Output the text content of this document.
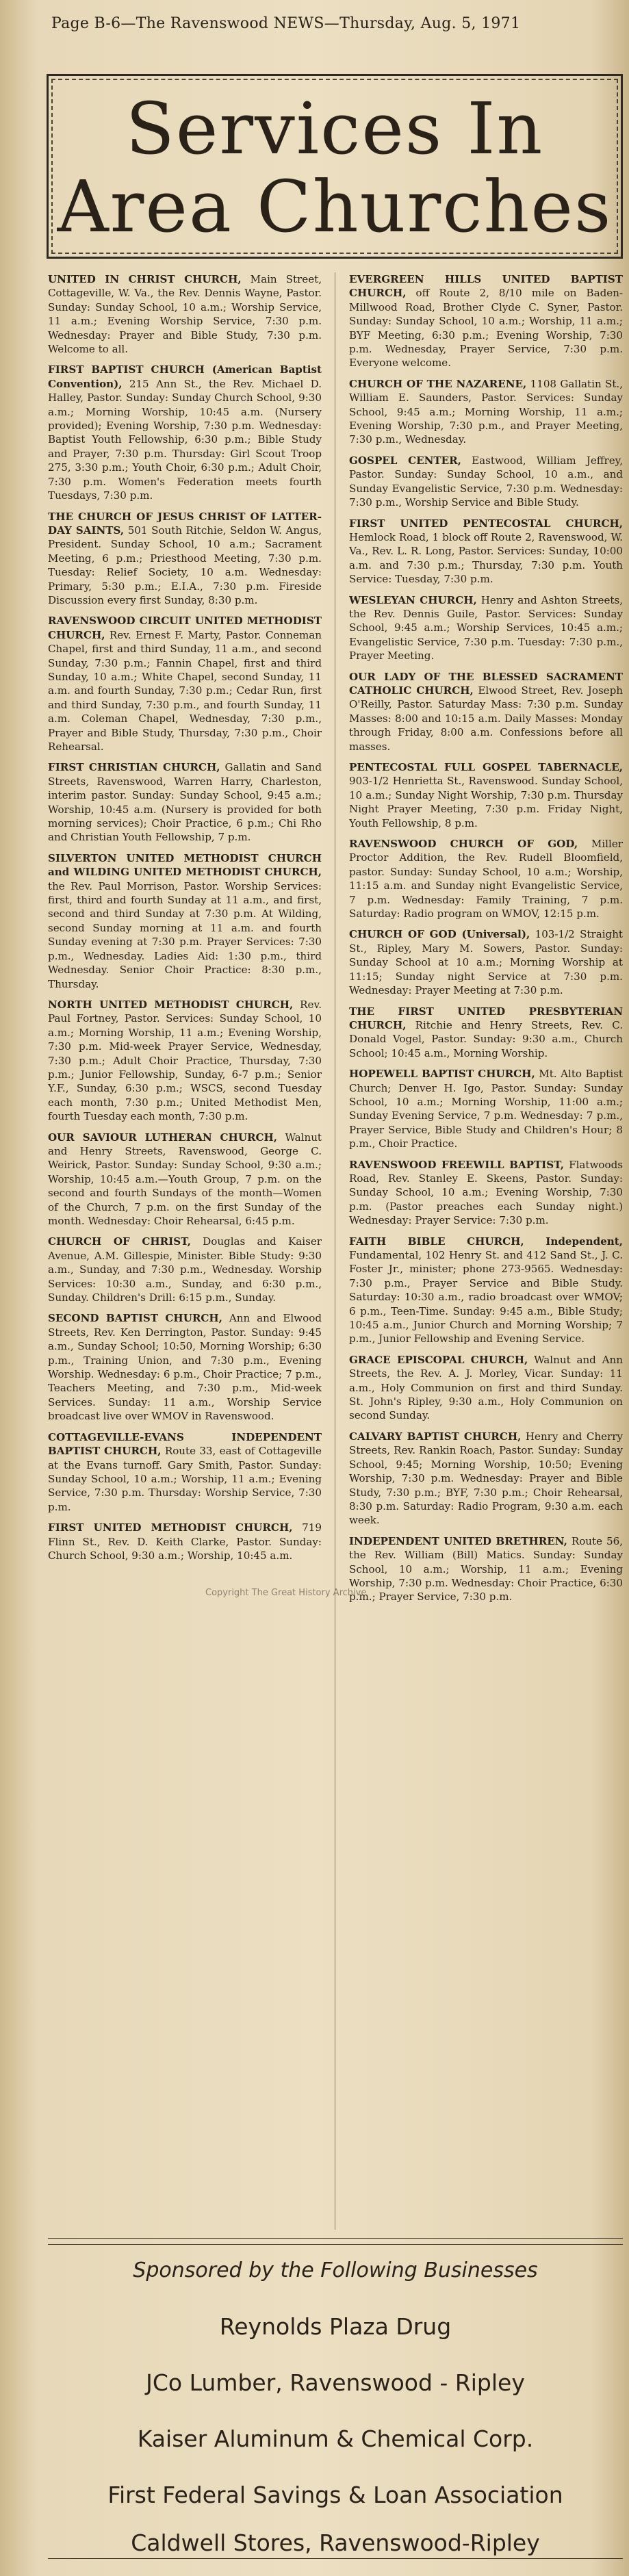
Page B-6—The Ravenswood NEWS—Thursday, Aug. 5, 1971
Services In
Area Churches

UNITED IN CHRIST CHURCH, Main Street, Cottageville, W. Va., the Rev. Dennis Wayne, Pastor. Sunday: Sunday School, 10 a.m.; Worship Service, 11 a.m.; Evening Worship Service, 7:30 p.m. Wednesday: Prayer and Bible Study, 7:30 p.m. Welcome to all.

FIRST BAPTIST CHURCH (American Baptist Convention), 215 Ann St., the Rev. Michael D. Halley, Pastor. Sunday: Sunday Church School, 9:30 a.m.; Morning Worship, 10:45 a.m. (Nursery provided); Evening Worship, 7:30 p.m. Wednesday: Baptist Youth Fellowship, 6:30 p.m.; Bible Study and Prayer, 7:30 p.m. Thursday: Girl Scout Troop 275, 3:30 p.m.; Youth Choir, 6:30 p.m.; Adult Choir, 7:30 p.m. Women's Federation meets fourth Tuesdays, 7:30 p.m.

THE CHURCH OF JESUS CHRIST OF LATTER-DAY SAINTS, 501 South Ritchie, Seldon W. Angus, President. Sunday School, 10 a.m.; Sacrament Meeting, 6 p.m.; Priesthood Meeting, 7:30 p.m. Tuesday: Relief Society, 10 a.m. Wednesday: Primary, 5:30 p.m.; E.I.A., 7:30 p.m. Fireside Discussion every first Sunday, 8:30 p.m.

RAVENSWOOD CIRCUIT UNITED METHODIST CHURCH, Rev. Ernest F. Marty, Pastor. Conneman Chapel, first and third Sunday, 11 a.m., and second Sunday, 7:30 p.m.; Fannin Chapel, first and third Sunday, 10 a.m.; White Chapel, second Sunday, 11 a.m. and fourth Sunday, 7:30 p.m.; Cedar Run, first and third Sunday, 7:30 p.m., and fourth Sunday, 11 a.m. Coleman Chapel, Wednesday, 7:30 p.m., Prayer and Bible Study, Thursday, 7:30 p.m., Choir Rehearsal.

FIRST CHRISTIAN CHURCH, Gallatin and Sand Streets, Ravenswood, Warren Harry, Charleston, interim pastor. Sunday: Sunday School, 9:45 a.m.; Worship, 10:45 a.m. (Nursery is provided for both morning services); Choir Practice, 6 p.m.; Chi Rho and Christian Youth Fellowship, 7 p.m.

SILVERTON UNITED METHODIST CHURCH and WILDING UNITED METHODIST CHURCH, the Rev. Paul Morrison, Pastor. Worship Services: first, third and fourth Sunday at 11 a.m., and first, second and third Sunday at 7:30 p.m. At Wilding, second Sunday morning at 11 a.m. and fourth Sunday evening at 7:30 p.m. Prayer Services: 7:30 p.m., Wednesday. Ladies Aid: 1:30 p.m., third Wednesday. Senior Choir Practice: 8:30 p.m., Thursday.

NORTH UNITED METHODIST CHURCH, Rev. Paul Fortney, Pastor. Services: Sunday School, 10 a.m.; Morning Worship, 11 a.m.; Evening Worship, 7:30 p.m. Mid-week Prayer Service, Wednesday, 7:30 p.m.; Adult Choir Practice, Thursday, 7:30 p.m.; Junior Fellowship, Sunday, 6-7 p.m.; Senior Y.F., Sunday, 6:30 p.m.; WSCS, second Tuesday each month, 7:30 p.m.; United Methodist Men, fourth Tuesday each month, 7:30 p.m.

OUR SAVIOUR LUTHERAN CHURCH, Walnut and Henry Streets, Ravenswood, George C. Weirick, Pastor. Sunday: Sunday School, 9:30 a.m.; Worship, 10:45 a.m.—Youth Group, 7 p.m. on the second and fourth Sundays of the month—Women of the Church, 7 p.m. on the first Sunday of the month. Wednesday: Choir Rehearsal, 6:45 p.m.

CHURCH OF CHRIST, Douglas and Kaiser Avenue, A.M. Gillespie, Minister. Bible Study: 9:30 a.m., Sunday, and 7:30 p.m., Wednesday. Worship Services: 10:30 a.m., Sunday, and 6:30 p.m., Sunday. Children's Drill: 6:15 p.m., Sunday.

SECOND BAPTIST CHURCH, Ann and Elwood Streets, Rev. Ken Derrington, Pastor. Sunday: 9:45 a.m., Sunday School; 10:50, Morning Worship; 6:30 p.m., Training Union, and 7:30 p.m., Evening Worship. Wednesday: 6 p.m., Choir Practice; 7 p.m., Teachers Meeting, and 7:30 p.m., Mid-week Services. Sunday: 11 a.m., Worship Service broadcast live over WMOV in Ravenswood.

COTTAGEVILLE-EVANS INDEPENDENT BAPTIST CHURCH, Route 33, east of Cottageville at the Evans turnoff. Gary Smith, Pastor. Sunday: Sunday School, 10 a.m.; Worship, 11 a.m.; Evening Service, 7:30 p.m. Thursday: Worship Service, 7:30 p.m.

FIRST UNITED METHODIST CHURCH, 719 Flinn St., Rev. D. Keith Clarke, Pastor. Sunday: Church School, 9:30 a.m.; Worship, 10:45 a.m.

EVERGREEN HILLS UNITED BAPTIST CHURCH, off Route 2, 8/10 mile on Baden-Millwood Road, Brother Clyde C. Syner, Pastor. Sunday: Sunday School, 10 a.m.; Worship, 11 a.m.; BYF Meeting, 6:30 p.m.; Evening Worship, 7:30 p.m. Wednesday, Prayer Service, 7:30 p.m. Everyone welcome.

CHURCH OF THE NAZARENE, 1108 Gallatin St., William E. Saunders, Pastor. Services: Sunday School, 9:45 a.m.; Morning Worship, 11 a.m.; Evening Worship, 7:30 p.m., and Prayer Meeting, 7:30 p.m., Wednesday.

GOSPEL CENTER, Eastwood, William Jeffrey, Pastor. Sunday: Sunday School, 10 a.m., and Sunday Evangelistic Service, 7:30 p.m. Wednesday: 7:30 p.m., Worship Service and Bible Study.

FIRST UNITED PENTECOSTAL CHURCH, Hemlock Road, 1 block off Route 2, Ravenswood, W. Va., Rev. L. R. Long, Pastor. Services: Sunday, 10:00 a.m. and 7:30 p.m.; Thursday, 7:30 p.m. Youth Service: Tuesday, 7:30 p.m.

WESLEYAN CHURCH, Henry and Ashton Streets, the Rev. Dennis Guile, Pastor. Services: Sunday School, 9:45 a.m.; Worship Services, 10:45 a.m.; Evangelistic Service, 7:30 p.m. Tuesday: 7:30 p.m., Prayer Meeting.

OUR LADY OF THE BLESSED SACRAMENT CATHOLIC CHURCH, Elwood Street, Rev. Joseph O'Reilly, Pastor. Saturday Mass: 7:30 p.m. Sunday Masses: 8:00 and 10:15 a.m. Daily Masses: Monday through Friday, 8:00 a.m. Confessions before all masses.

PENTECOSTAL FULL GOSPEL TABERNACLE, 903-1/2 Henrietta St., Ravenswood. Sunday School, 10 a.m.; Sunday Night Worship, 7:30 p.m. Thursday Night Prayer Meeting, 7:30 p.m. Friday Night, Youth Fellowship, 8 p.m.

RAVENSWOOD CHURCH OF GOD, Miller Proctor Addition, the Rev. Rudell Bloomfield, pastor. Sunday: Sunday School, 10 a.m.; Worship, 11:15 a.m. and Sunday night Evangelistic Service, 7 p.m. Wednesday: Family Training, 7 p.m. Saturday: Radio program on WMOV, 12:15 p.m.

CHURCH OF GOD (Universal), 103-1/2 Straight St., Ripley, Mary M. Sowers, Pastor. Sunday: Sunday School at 10 a.m.; Morning Worship at 11:15; Sunday night Service at 7:30 p.m. Wednesday: Prayer Meeting at 7:30 p.m.

THE FIRST UNITED PRESBYTERIAN CHURCH, Ritchie and Henry Streets, Rev. C. Donald Vogel, Pastor. Sunday: 9:30 a.m., Church School; 10:45 a.m., Morning Worship.

HOPEWELL BAPTIST CHURCH, Mt. Alto Baptist Church; Denver H. Igo, Pastor. Sunday: Sunday School, 10 a.m.; Morning Worship, 11:00 a.m.; Sunday Evening Service, 7 p.m. Wednesday: 7 p.m., Prayer Service, Bible Study and Children's Hour; 8 p.m., Choir Practice.

RAVENSWOOD FREEWILL BAPTIST, Flatwoods Road, Rev. Stanley E. Skeens, Pastor. Sunday: Sunday School, 10 a.m.; Evening Worship, 7:30 p.m. (Pastor preaches each Sunday night.) Wednesday: Prayer Service: 7:30 p.m.

FAITH BIBLE CHURCH, Independent, Fundamental, 102 Henry St. and 412 Sand St., J. C. Foster Jr., minister; phone 273-9565. Wednesday: 7:30 p.m., Prayer Service and Bible Study. Saturday: 10:30 a.m., radio broadcast over WMOV; 6 p.m., Teen-Time. Sunday: 9:45 a.m., Bible Study; 10:45 a.m., Junior Church and Morning Worship; 7 p.m., Junior Fellowship and Evening Service.

GRACE EPISCOPAL CHURCH, Walnut and Ann Streets, the Rev. A. J. Morley, Vicar. Sunday: 11 a.m., Holy Communion on first and third Sunday. St. John's Ripley, 9:30 a.m., Holy Communion on second Sunday.

CALVARY BAPTIST CHURCH, Henry and Cherry Streets, Rev. Rankin Roach, Pastor. Sunday: Sunday School, 9:45; Morning Worship, 10:50; Evening Worship, 7:30 p.m. Wednesday: Prayer and Bible Study, 7:30 p.m.; BYF, 7:30 p.m.; Choir Rehearsal, 8:30 p.m. Saturday: Radio Program, 9:30 a.m. each week.

INDEPENDENT UNITED BRETHREN, Route 56, the Rev. William (Bill) Matics. Sunday: Sunday School, 10 a.m.; Worship, 11 a.m.; Evening Worship, 7:30 p.m. Wednesday: Choir Practice, 6:30 p.m.; Prayer Service, 7:30 p.m.

Copyright The Great History Archive
Sponsored by the Following Businesses
Reynolds Plaza Drug
JCo Lumber, Ravenswood - Ripley
Kaiser Aluminum & Chemical Corp.
First Federal Savings & Loan Association
Caldwell Stores, Ravenswood-Ripley
